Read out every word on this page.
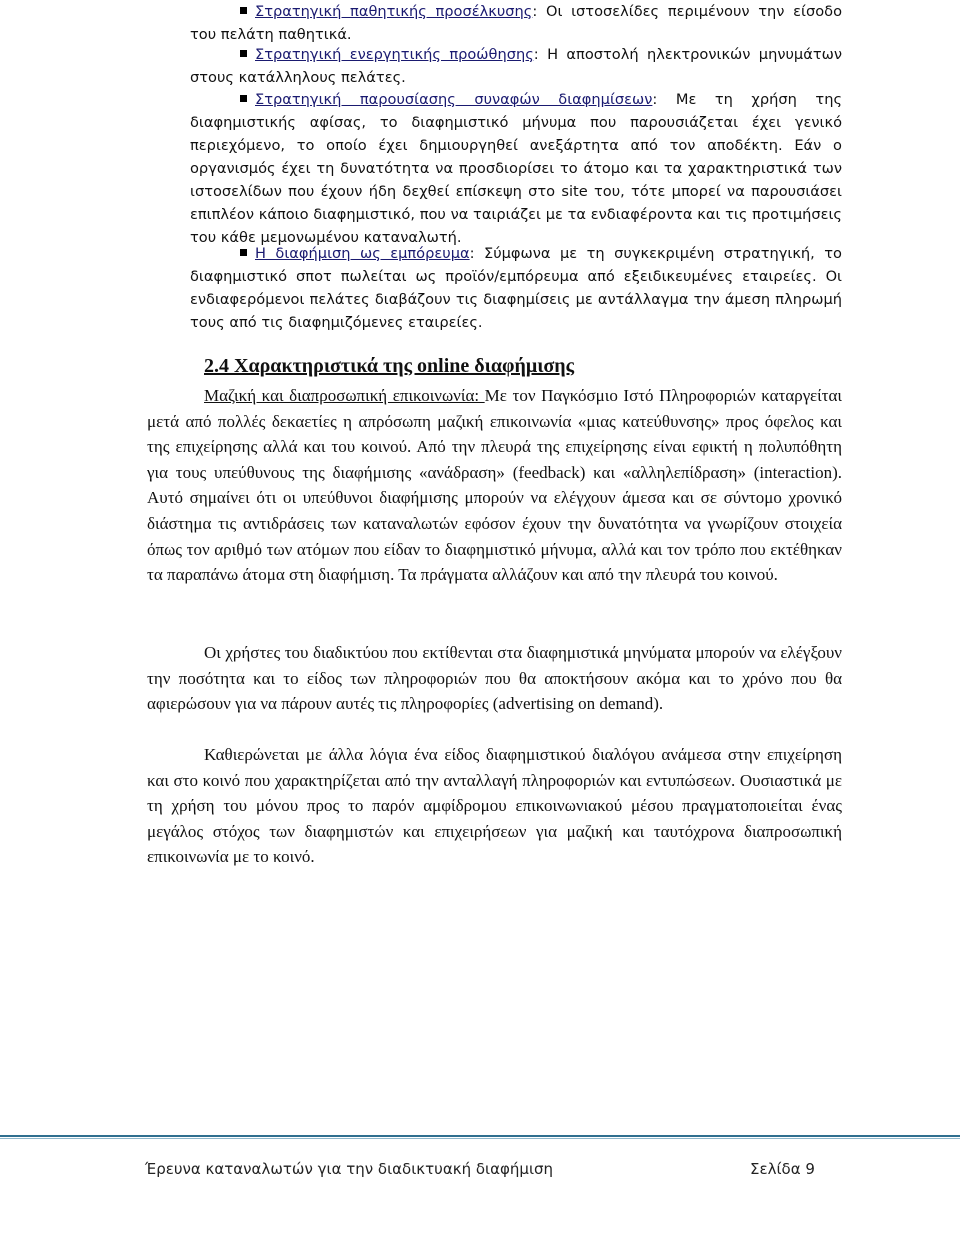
Στρατηγική παθητικής προσέλκυσης: Οι ιστοσελίδες περιμένουν την είσοδο του πελάτη παθητικά.
Στρατηγική ενεργητικής προώθησης: Η αποστολή ηλεκτρονικών μηνυμάτων στους κατάλληλους πελάτες.
Στρατηγική παρουσίασης συναφών διαφημίσεων: Με τη χρήση της διαφημιστικής αφίσας, το διαφημιστικό μήνυμα που παρουσιάζεται έχει γενικό περιεχόμενο, το οποίο έχει δημιουργηθεί ανεξάρτητα από τον αποδέκτη. Εάν ο οργανισμός έχει τη δυνατότητα να προσδιορίσει το άτομο και τα χαρακτηριστικά των ιστοσελίδων που έχουν ήδη δεχθεί επίσκεψη στο site του, τότε μπορεί να παρουσιάσει επιπλέον κάποιο διαφημιστικό, που να ταιριάζει με τα ενδιαφέροντα και τις προτιμήσεις του κάθε μεμονωμένου καταναλωτή.
Η διαφήμιση ως εμπόρευμα: Σύμφωνα με τη συγκεκριμένη στρατηγική, το διαφημιστικό σποτ πωλείται ως προϊόν/εμπόρευμα από εξειδικευμένες εταιρείες. Οι ενδιαφερόμενοι πελάτες διαβάζουν τις διαφημίσεις με αντάλλαγμα την άμεση πληρωμή τους από τις διαφημιζόμενες εταιρείες.
2.4 Χαρακτηριστικά της online διαφήμισης
Μαζική και διαπροσωπική επικοινωνία: Με τον Παγκόσμιο Ιστό Πληροφοριών καταργείται μετά από πολλές δεκαετίες η απρόσωπη μαζική επικοινωνία «μιας κατεύθυνσης» προς όφελος και της επιχείρησης αλλά και του κοινού. Από την πλευρά της επιχείρησης είναι εφικτή η πολυπόθητη για τους υπεύθυνους της διαφήμισης «ανάδραση» (feedback) και «αλληλεπίδραση» (interaction). Αυτό σημαίνει ότι οι υπεύθυνοι διαφήμισης μπορούν να ελέγχουν άμεσα και σε σύντομο χρονικό διάστημα τις αντιδράσεις των καταναλωτών εφόσον έχουν την δυνατότητα να γνωρίζουν στοιχεία όπως τον αριθμό των ατόμων που είδαν το διαφημιστικό μήνυμα, αλλά και τον τρόπο που εκτέθηκαν τα παραπάνω άτομα στη διαφήμιση. Τα πράγματα αλλάζουν και από την πλευρά του κοινού.
Οι χρήστες του διαδικτύου που εκτίθενται στα διαφημιστικά μηνύματα μπορούν να ελέγξουν την ποσότητα και το είδος των πληροφοριών που θα αποκτήσουν ακόμα και το χρόνο που θα αφιερώσουν για να πάρουν αυτές τις πληροφορίες (advertising on demand).
Καθιερώνεται με άλλα λόγια ένα είδος διαφημιστικού διαλόγου ανάμεσα στην επιχείρηση και στο κοινό που χαρακτηρίζεται από την ανταλλαγή πληροφοριών και εντυπώσεων. Ουσιαστικά με τη χρήση του μόνου προς το παρόν αμφίδρομου επικοινωνιακού μέσου πραγματοποιείται ένας μεγάλος στόχος των διαφημιστών και επιχειρήσεων για μαζική και ταυτόχρονα διαπροσωπική επικοινωνία με το κοινό.
Έρευνα καταναλωτών για την διαδικτυακή διαφήμιση	Σελίδα 9
